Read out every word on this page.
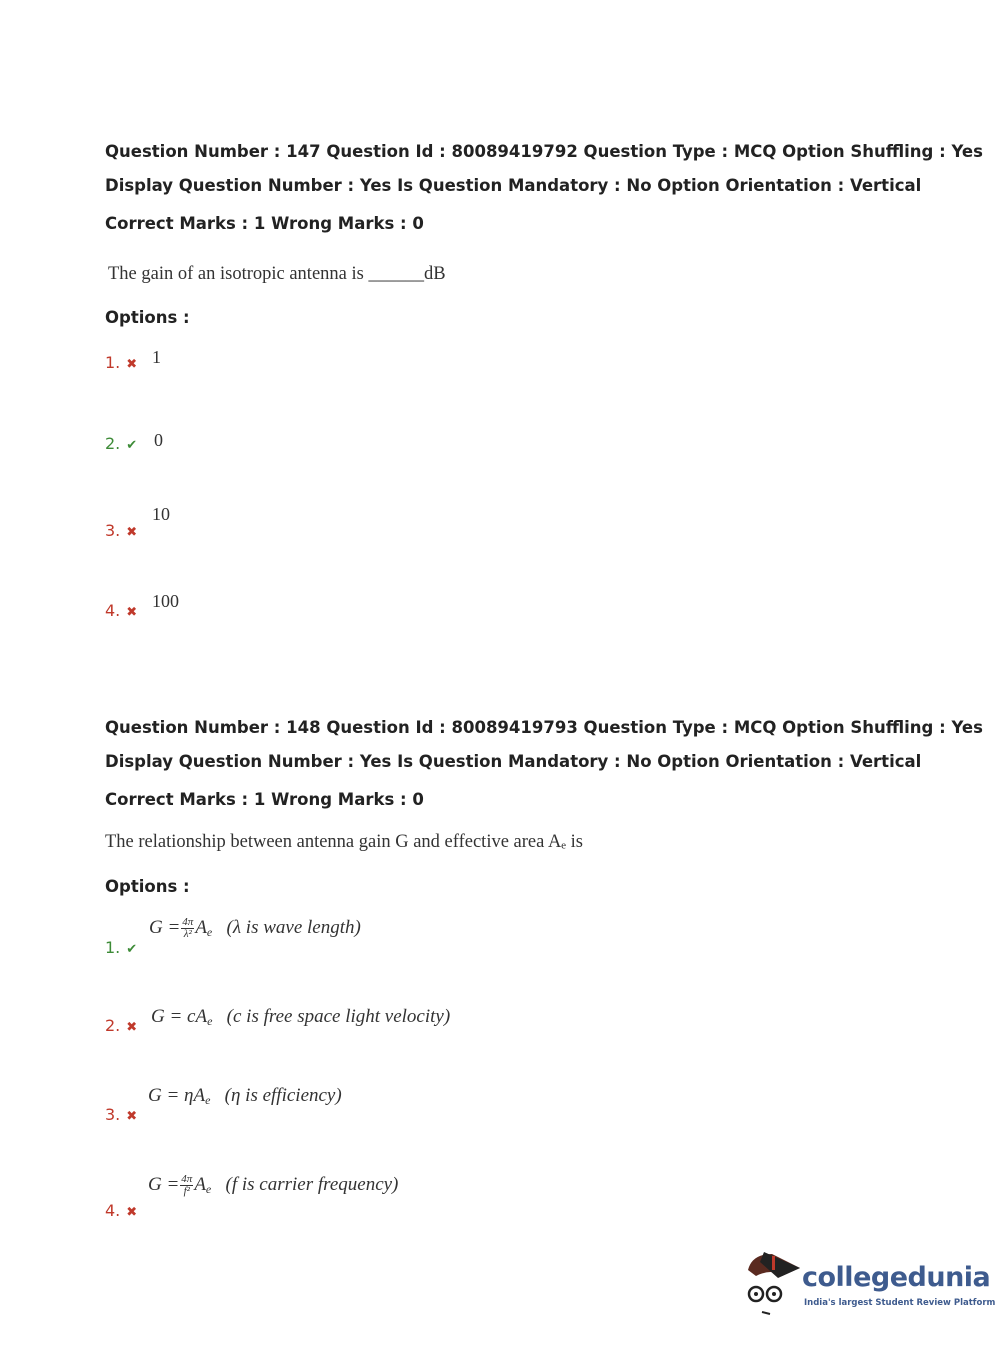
Question Number : 147 Question Id : 80089419792 Question Type : MCQ Option Shuffling : Yes
Display Question Number : Yes Is Question Mandatory : No Option Orientation : Vertical
Correct Marks : 1 Wrong Marks : 0
The gain of an isotropic antenna is ______dB
Options :
1. ✖ 1
2. ✔ 0
3. ✖
10
4. ✖
100
Question Number : 148 Question Id : 80089419793 Question Type : MCQ Option Shuffling : Yes
Display Question Number : Yes Is Question Mandatory : No Option Orientation : Vertical
Correct Marks : 1 Wrong Marks : 0
The relationship between antenna gain G and effective area Aₑ is
Options :
1. ✔
$G = \frac{4\pi}{\text{λ²}} A_e$ (λ is wave length)
2. ✖
$G = cA_e$ (c is free space light velocity)
3. ✖
$G = \eta A_e$ (η is efficiency)
4. ✖
$G = \frac{4\pi}{\text{f²}} A_e$ (f is carrier frequency)
collegedunia
India's largest Student Review Platform
